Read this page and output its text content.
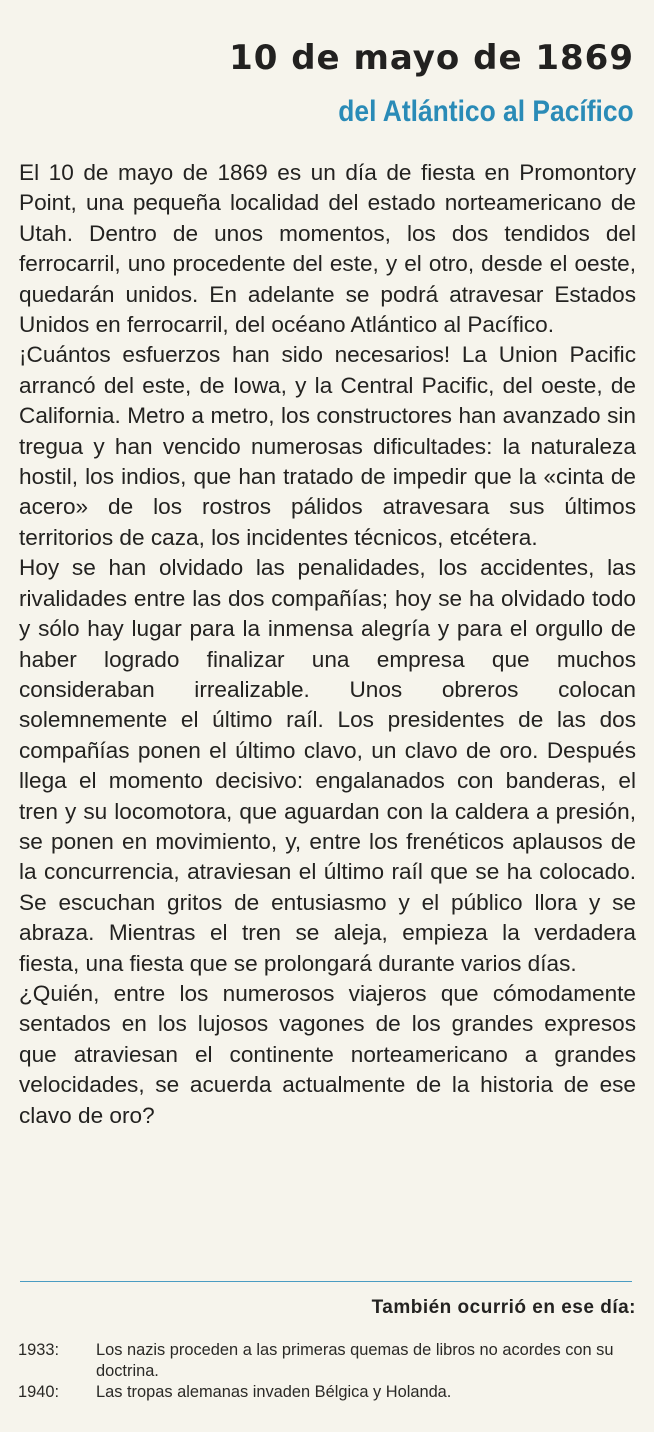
10 de mayo de 1869
del Atlántico al Pacífico

El 10 de mayo de 1869 es un día de fiesta en Promontory Point, una pequeña localidad del estado norteamericano de Utah. Dentro de unos momentos, los dos tendidos del ferrocarril, uno procedente del este, y el otro, desde el oeste, quedarán unidos. En adelante se podrá atravesar Estados Unidos en ferrocarril, del océano Atlántico al Pacífico.

¡Cuántos esfuerzos han sido necesarios! La Union Pacific arrancó del este, de Iowa, y la Central Pacific, del oeste, de California. Metro a metro, los constructores han avanzado sin tregua y han vencido numerosas dificultades: la naturaleza hostil, los indios, que han tratado de impedir que la «cinta de acero» de los rostros pálidos atravesara sus últimos territorios de caza, los incidentes técnicos, etcétera.

Hoy se han olvidado las penalidades, los accidentes, las rivalidades entre las dos compañías; hoy se ha olvidado todo y sólo hay lugar para la inmensa alegría y para el orgullo de haber logrado finalizar una empresa que muchos consideraban irrealizable. Unos obreros colocan solemnemente el último raíl. Los presidentes de las dos compañías ponen el último clavo, un clavo de oro. Después llega el momento decisivo: engalanados con banderas, el tren y su locomotora, que aguardan con la caldera a presión, se ponen en movimiento, y, entre los frenéticos aplausos de la concurrencia, atraviesan el último raíl que se ha colocado. Se escuchan gritos de entusiasmo y el público llora y se abraza. Mientras el tren se aleja, empieza la verdadera fiesta, una fiesta que se prolongará durante varios días.

¿Quién, entre los numerosos viajeros que cómodamente sentados en los lujosos vagones de los grandes expresos que atraviesan el continente norteamericano a grandes velocidades, se acuerda actualmente de la historia de ese clavo de oro?

También ocurrió en ese día:
1933:	Los nazis proceden a las primeras quemas de libros no acordes con su doctrina.
1940:	Las tropas alemanas invaden Bélgica y Holanda.
